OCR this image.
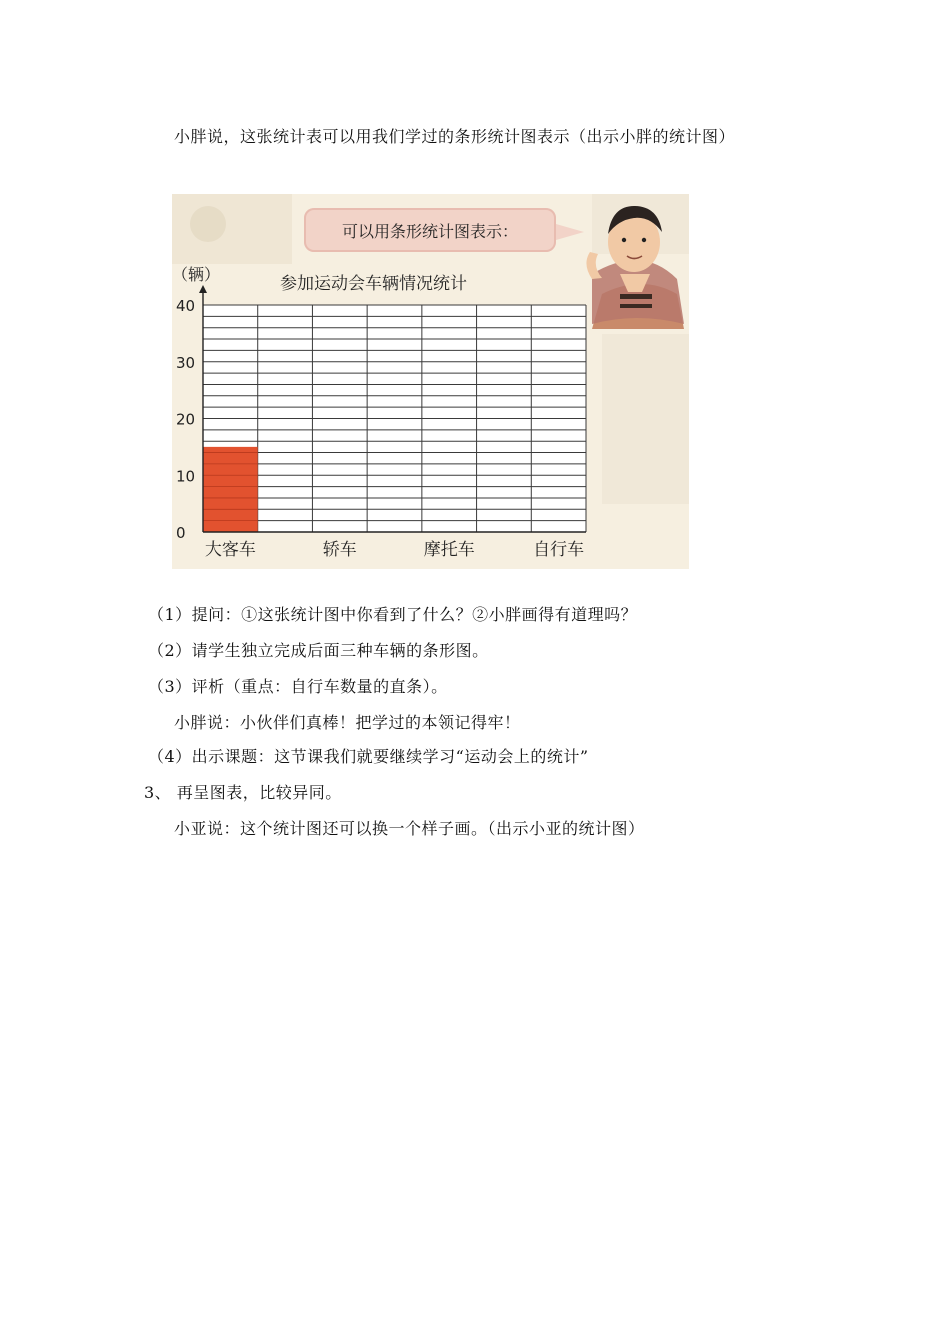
小胖说，这张统计表可以用我们学过的条形统计图表示（出示小胖的统计图）
可以用条形统计图表示：
0
10
20
30
40
大客车	轿车	摩托车	自行车
参加运动会车辆情况统计
（辆）
（1）提问：①这张统计图中你看到了什么？②小胖画得有道理吗？
（2）请学生独立完成后面三种车辆的条形图。
（3）评析（重点：自行车数量的直条）。
小胖说：小伙伴们真棒！把学过的本领记得牢！
（4）出示课题：这节课我们就要继续学习“运动会上的统计”
3、 再呈图表，比较异同。
小亚说：这个统计图还可以换一个样子画。（出示小亚的统计图）
